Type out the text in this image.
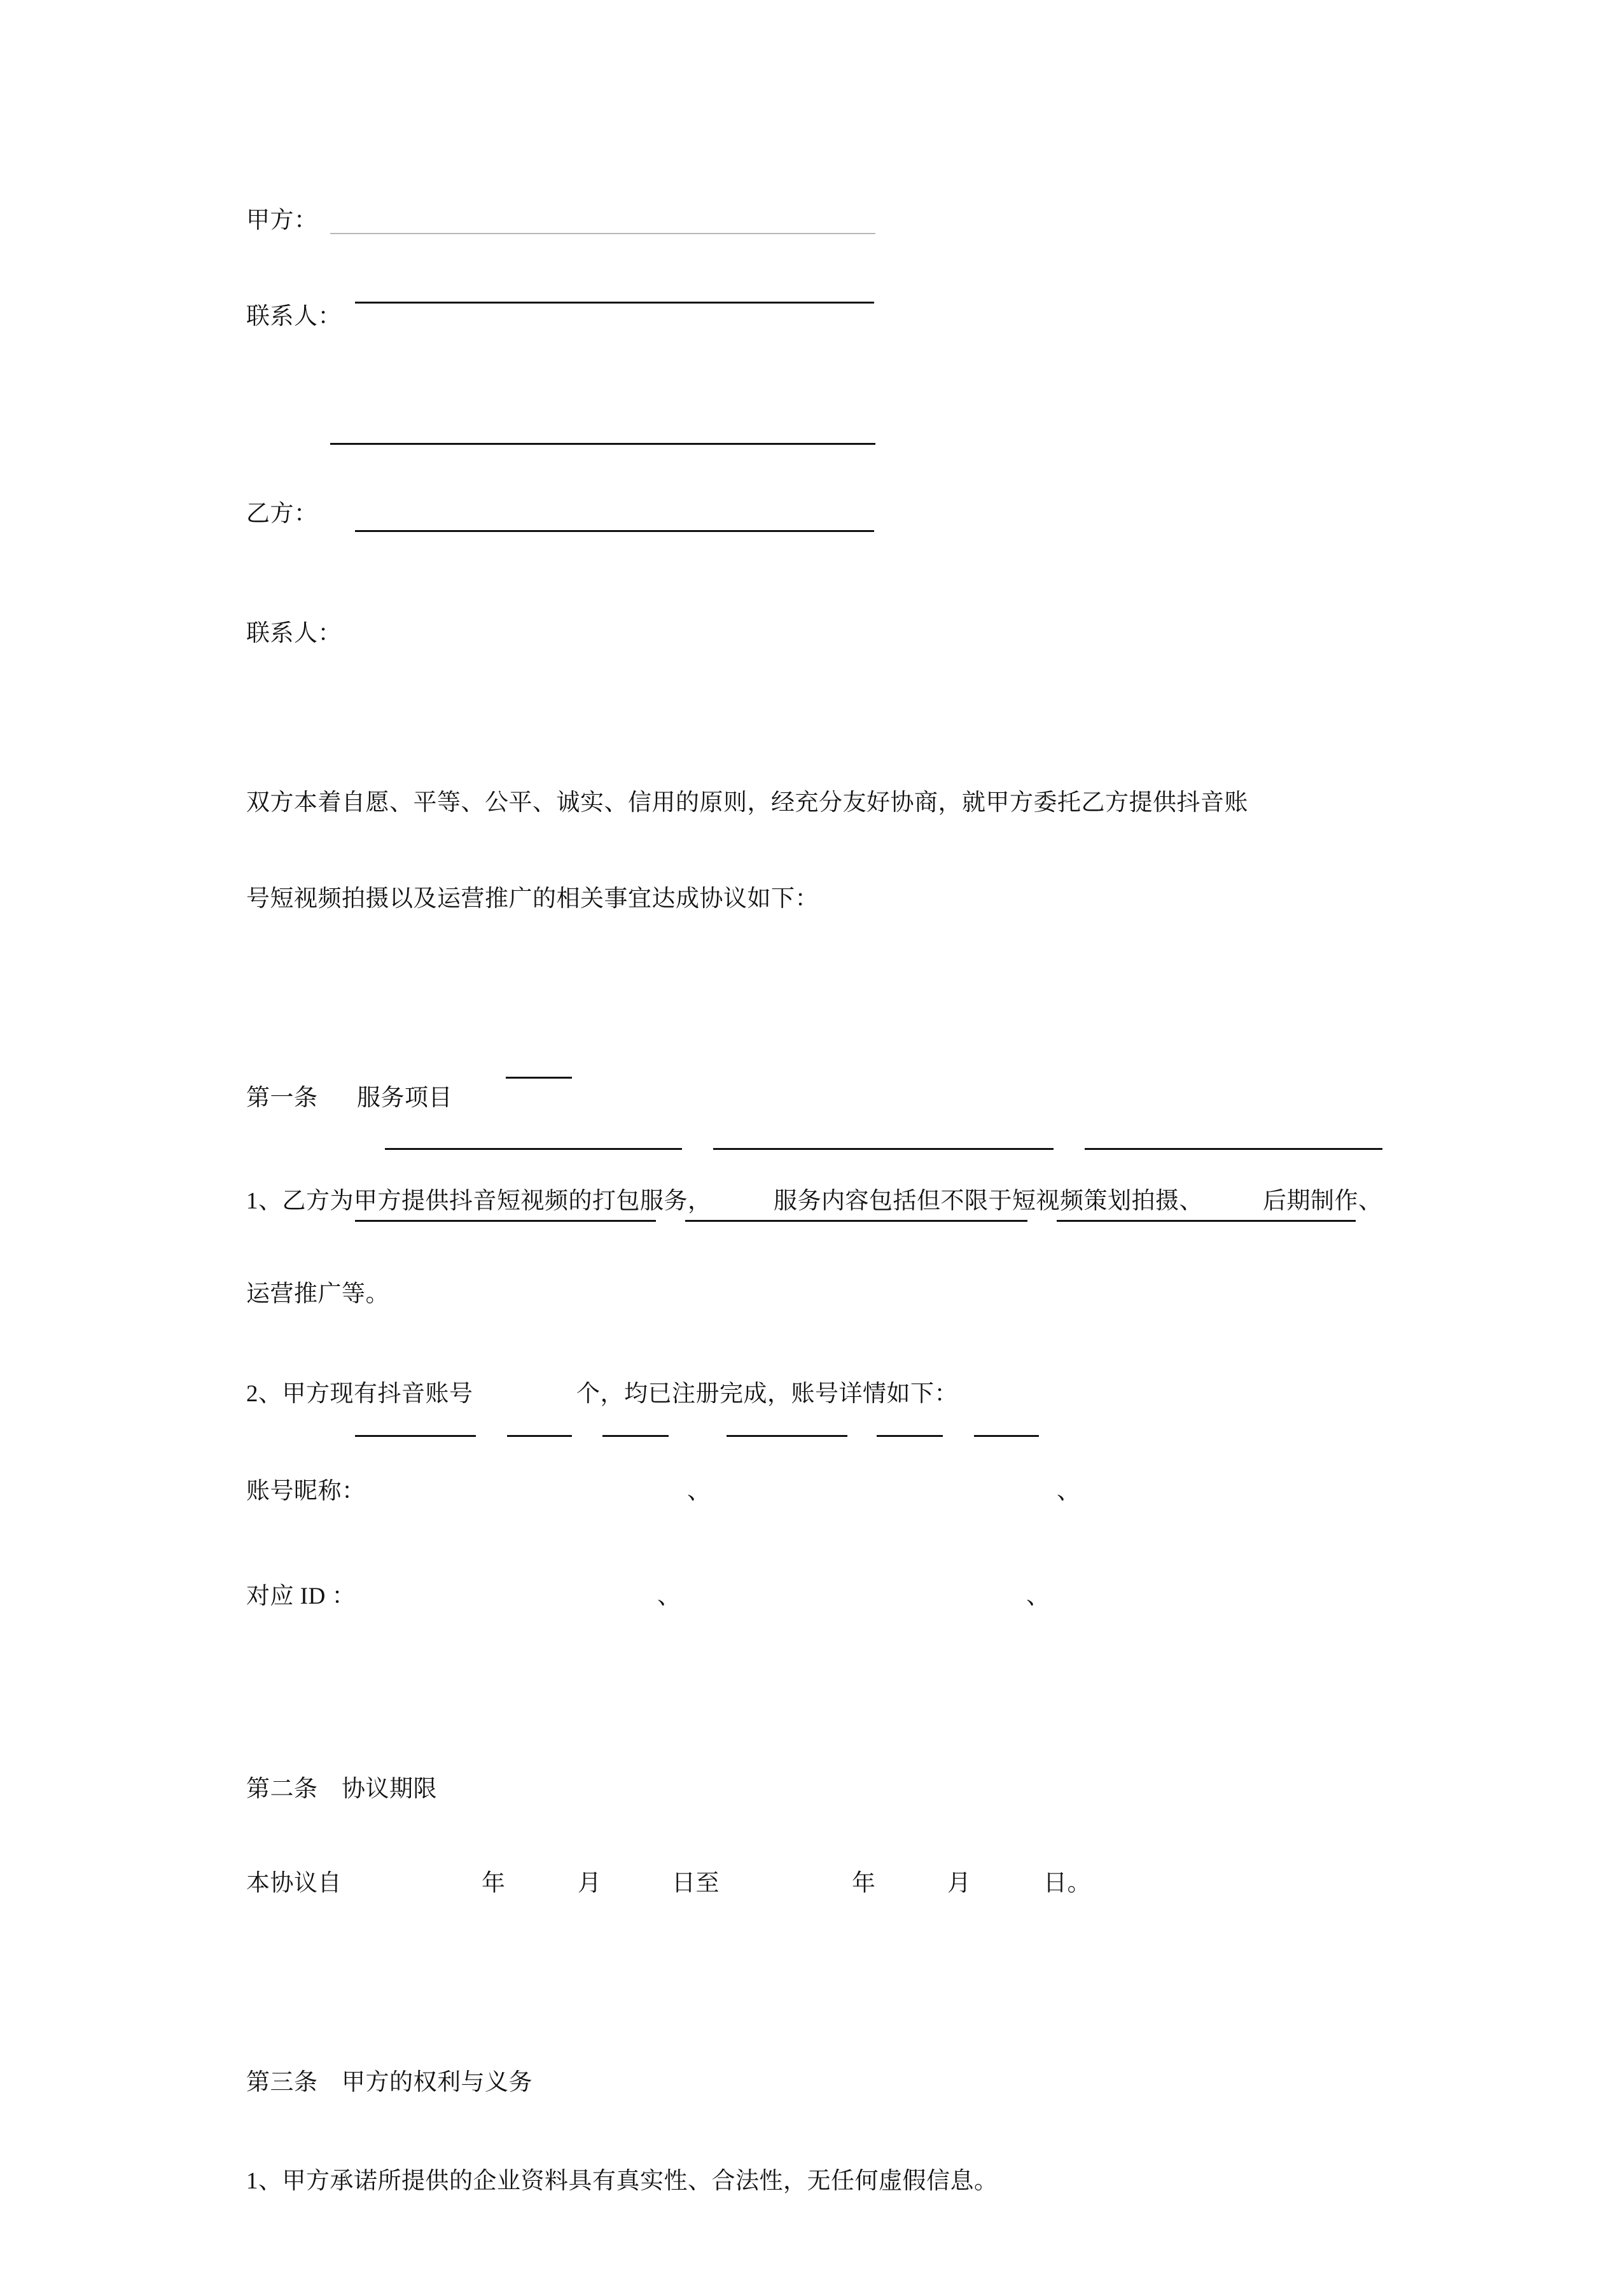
甲方：
联系人：
乙方：
联系人：
双方本着自愿、平等、公平、诚实、信用的原则，经充分友好协商，就甲方委托乙方提供抖音账
号短视频拍摄以及运营推广的相关事宜达成协议如下：
第一条 服务项目
1、乙方为甲方提供抖音短视频的打包服务，	服务内容包括但不限于短视频策划拍摄、	后期制作、
运营推广等。
2、甲方现有抖音账号	个，均已注册完成，账号详情如下：
账号昵称：	、	、
对应 ID ：	、	、
第二条 协议期限
本协议自	年	月	日至	年	月	日。
第三条 甲方的权利与义务
1、甲方承诺所提供的企业资料具有真实性、合法性，无任何虚假信息。
